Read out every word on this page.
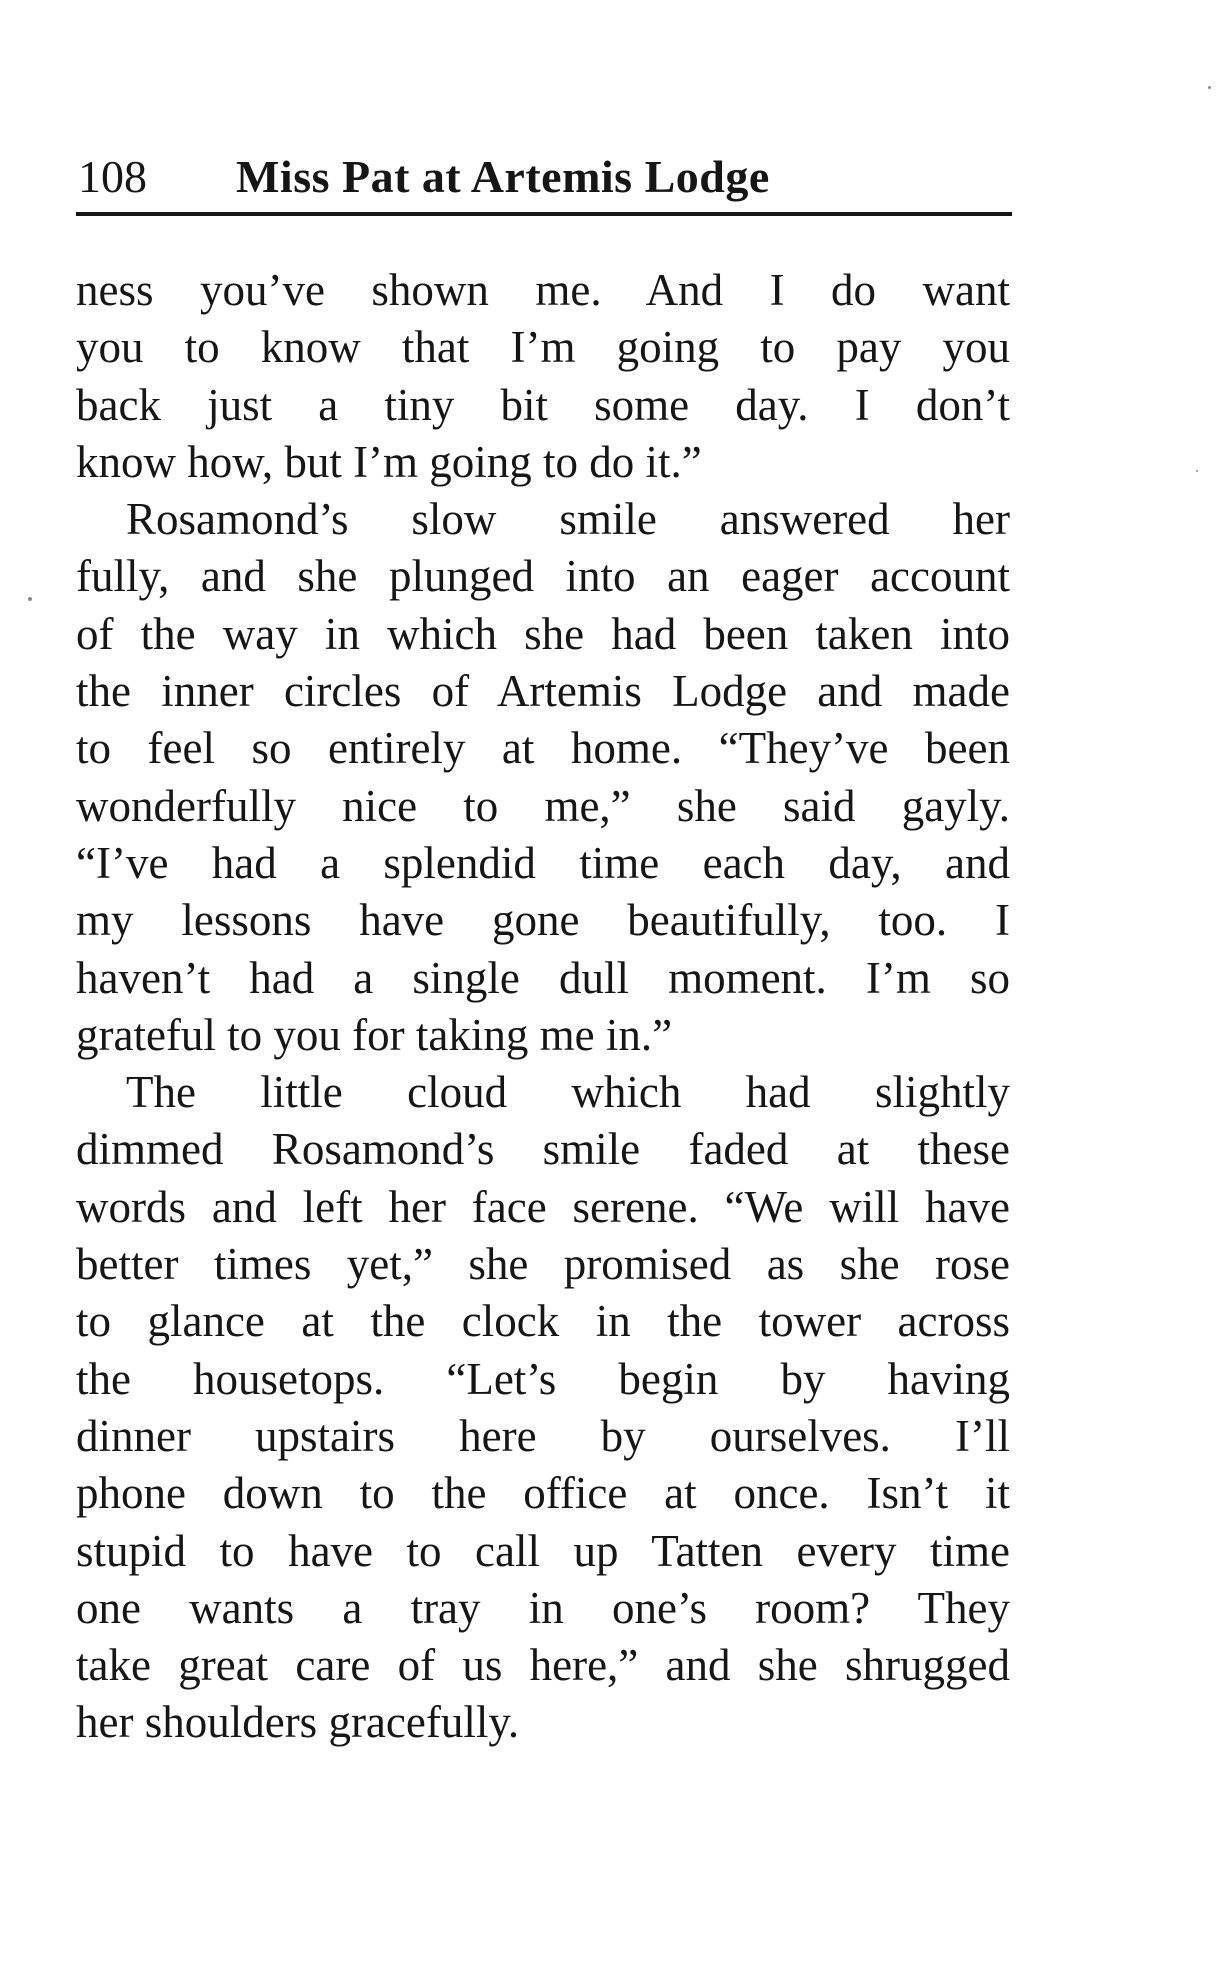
108 Miss Pat at Artemis Lodge
ness you’ve shown me. And I do want
you to know that I’m going to pay you
back just a tiny bit some day. I don’t
know how, but I’m going to do it.”
Rosamond’s slow smile answered her
fully, and she plunged into an eager account
of the way in which she had been taken into
the inner circles of Artemis Lodge and made
to feel so entirely at home. “They’ve been
wonderfully nice to me,” she said gayly.
“I’ve had a splendid time each day, and
my lessons have gone beautifully, too. I
haven’t had a single dull moment. I’m so
grateful to you for taking me in.”
The little cloud which had slightly
dimmed Rosamond’s smile faded at these
words and left her face serene. “We will have
better times yet,” she promised as she rose
to glance at the clock in the tower across
the housetops. “Let’s begin by having
dinner upstairs here by ourselves. I’ll
phone down to the office at once. Isn’t it
stupid to have to call up Tatten every time
one wants a tray in one’s room? They
take great care of us here,” and she shrugged
her shoulders gracefully.
